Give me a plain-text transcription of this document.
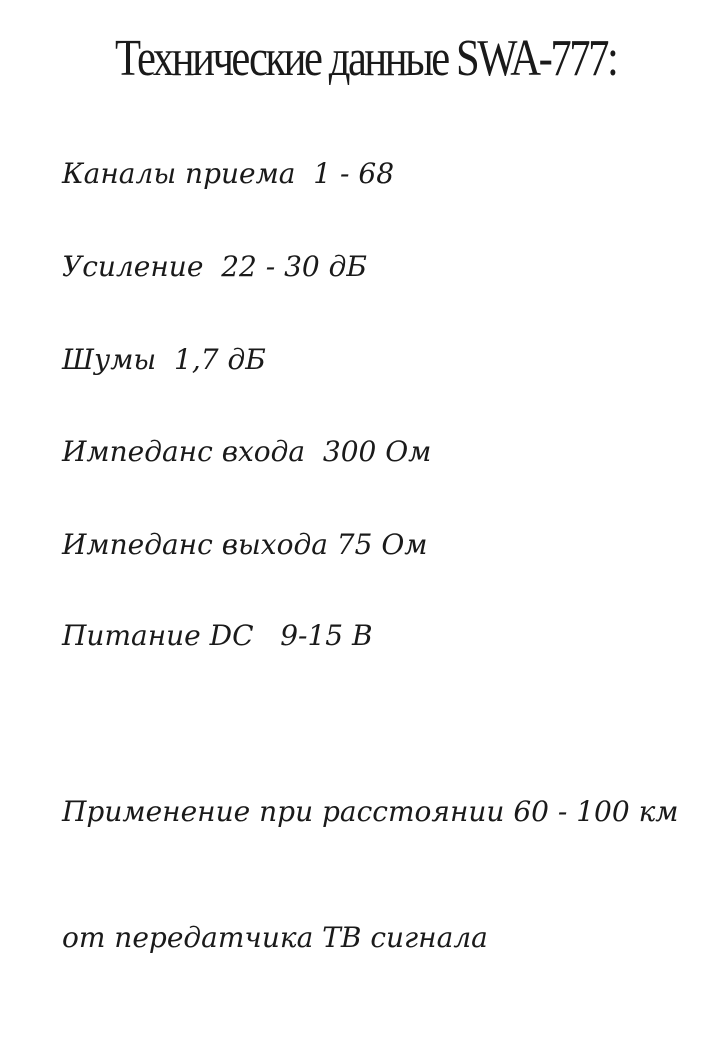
Технические данные SWA-777:
Каналы приема  1 - 68
Усиление  22 - 30 дБ
Шумы  1,7 дБ
Импеданс входа  300 Ом
Импеданс выхода 75 Ом
Питание DC   9-15 В

Применение при расстоянии 60 - 100 км

от передатчика ТВ сигнала
